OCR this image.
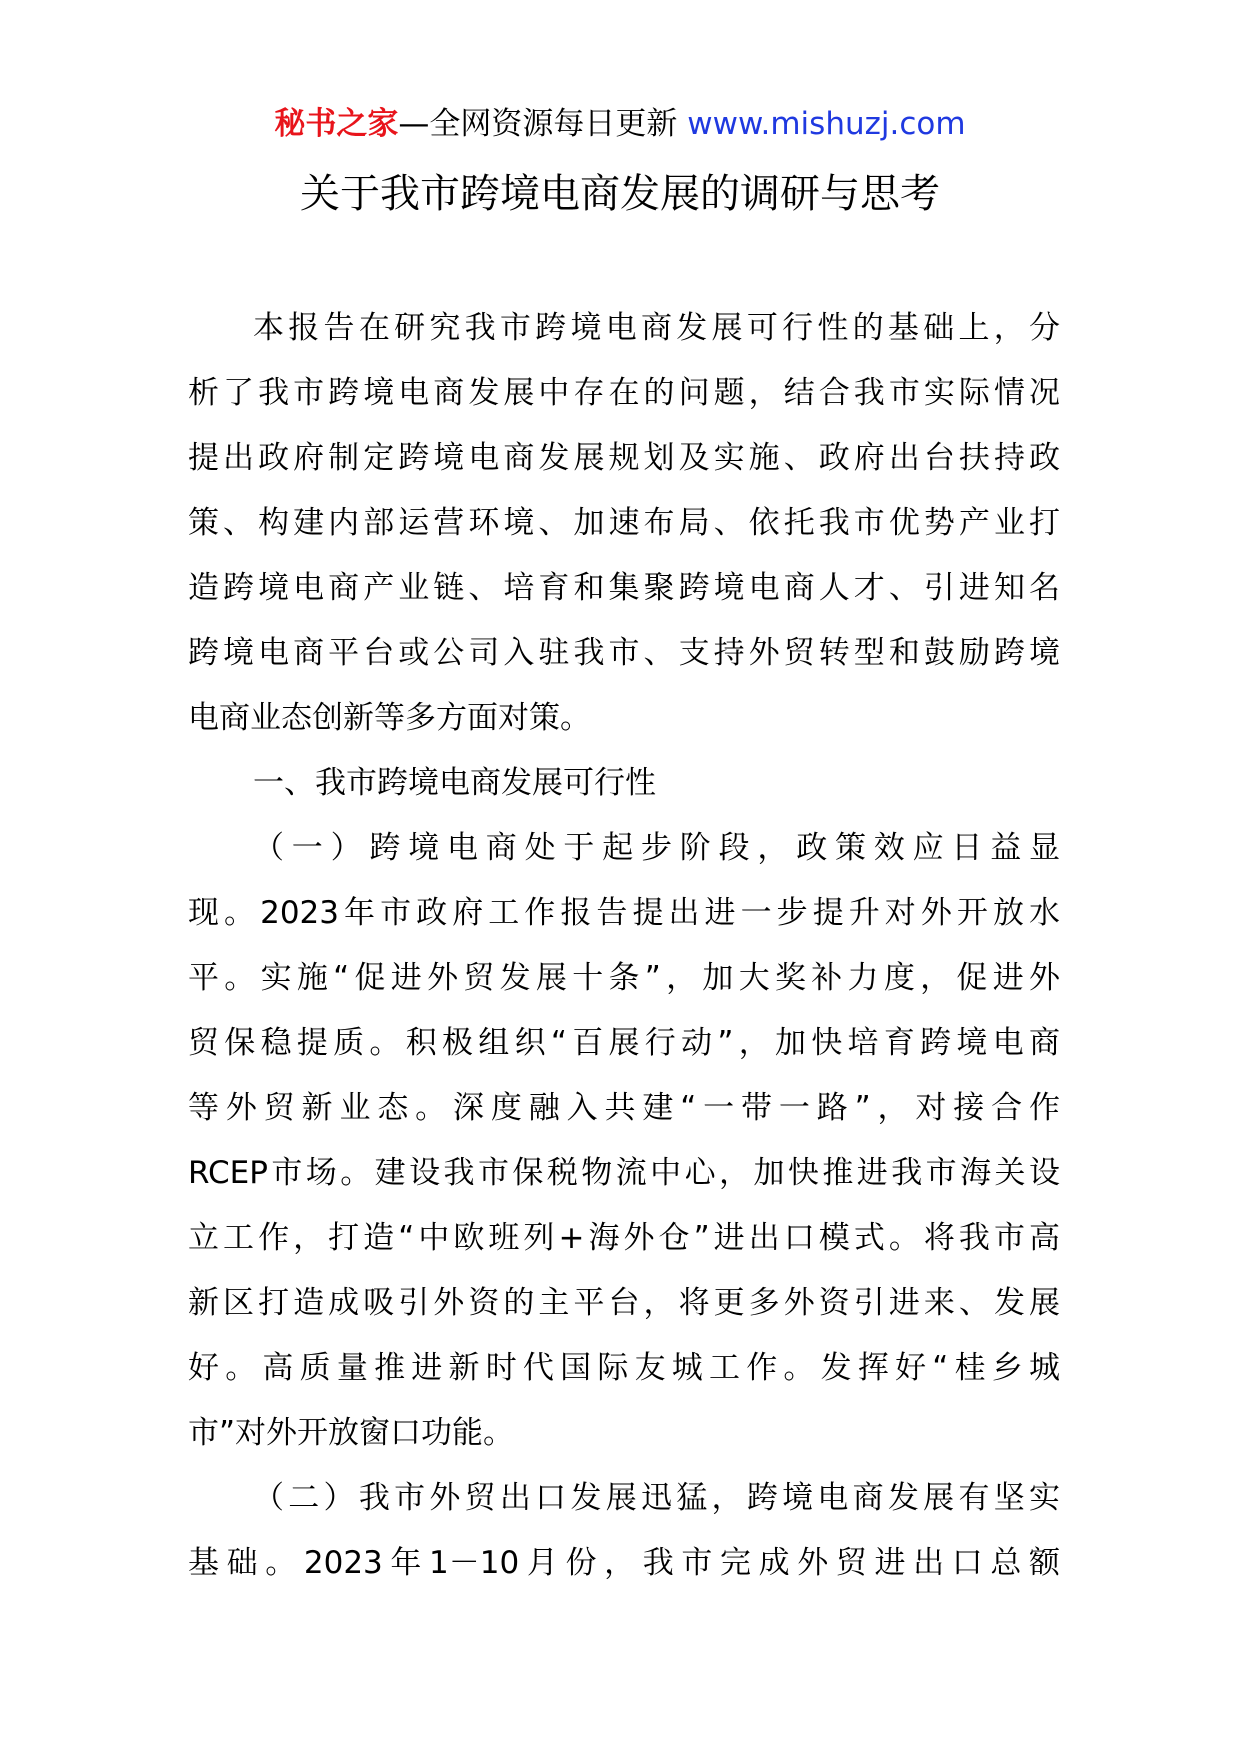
秘书之家—全网资源每日更新 www.mishuzj.com
关于我市跨境电商发展的调研与思考
本报告在研究我市跨境电商发展可行性的基础上，分
析了我市跨境电商发展中存在的问题，结合我市实际情况
提出政府制定跨境电商发展规划及实施、政府出台扶持政
策、构建内部运营环境、加速布局、依托我市优势产业打
造跨境电商产业链、培育和集聚跨境电商人才、引进知名
跨境电商平台或公司入驻我市、支持外贸转型和鼓励跨境
电商业态创新等多方面对策。
一、我市跨境电商发展可行性
（一）跨境电商处于起步阶段，政策效应日益显
现。2023年市政府工作报告提出进一步提升对外开放水
平。实施“促进外贸发展十条”，加大奖补力度，促进外
贸保稳提质。积极组织“百展行动”，加快培育跨境电商
等外贸新业态。深度融入共建“一带一路”，对接合作
RCEP市场。建设我市保税物流中心，加快推进我市海关设
立工作，打造“中欧班列+海外仓”进出口模式。将我市高
新区打造成吸引外资的主平台，将更多外资引进来、发展
好。高质量推进新时代国际友城工作。发挥好“桂乡城
市”对外开放窗口功能。
（二）我市外贸出口发展迅猛，跨境电商发展有坚实
基础。2023年1－10月份，我市完成外贸进出口总额
